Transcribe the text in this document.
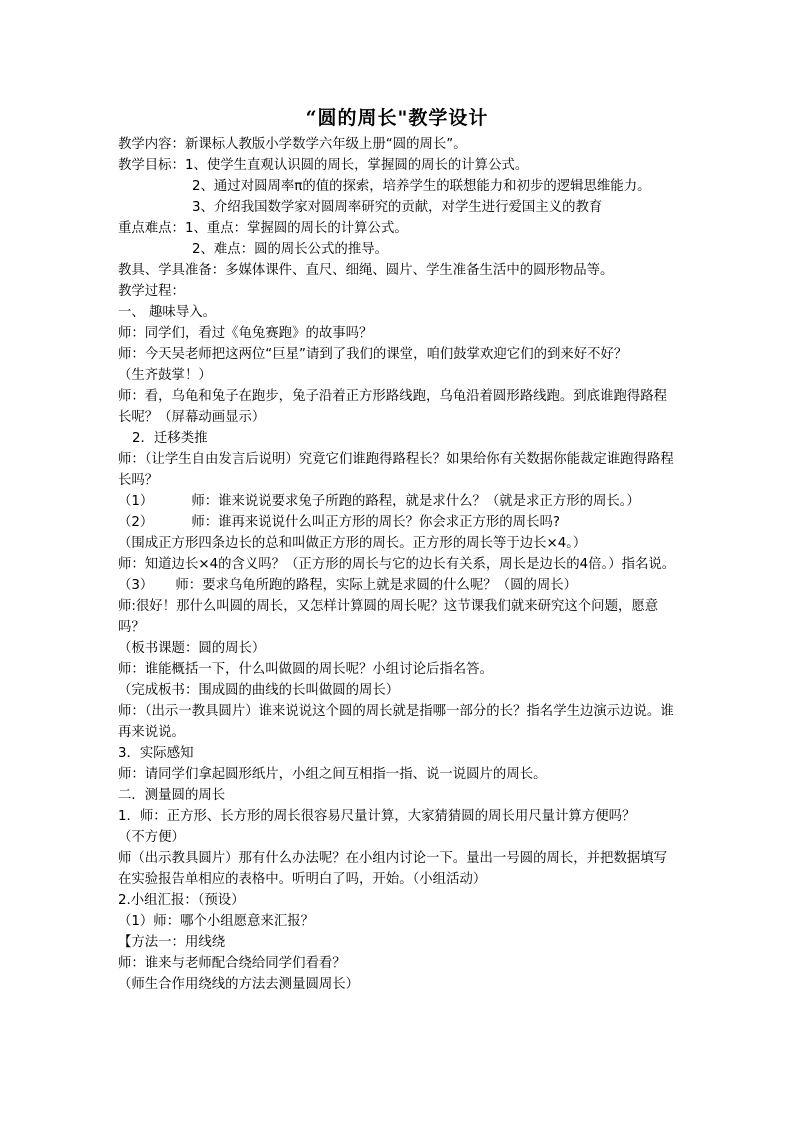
“圆的周长"教学设计
教学内容：新课标人教版小学数学六年级上册“圆的周长”。
教学目标：1、使学生直观认识圆的周长，掌握圆的周长的计算公式。
2、通过对圆周率π的值的探索，培养学生的联想能力和初步的逻辑思维能力。
3、介绍我国数学家对圆周率研究的贡献，对学生进行爱国主义的教育
重点难点：1、重点：掌握圆的周长的计算公式。
2、难点：圆的周长公式的推导。
教具、学具准备：多媒体课件、直尺、细绳、圆片、学生准备生活中的圆形物品等。
教学过程：
一、 趣味导入。
师：同学们，看过《龟兔赛跑》的故事吗？
师：今天吴老师把这两位“巨星”请到了我们的课堂，咱们鼓掌欢迎它们的到来好不好？
（生齐鼓掌！）
师：看，乌龟和兔子在跑步，兔子沿着正方形路线跑，乌龟沿着圆形路线跑。到底谁跑得路程长呢？（屏幕动画显示）
2．迁移类推
师：（让学生自由发言后说明）究竟它们谁跑得路程长？如果给你有关数据你能裁定谁跑得路程长吗？
（1）	师：谁来说说要求兔子所跑的路程，就是求什么？（就是求正方形的周长。）
（2）	师：谁再来说说什么叫正方形的周长？你会求正方形的周长吗?
（围成正方形四条边长的总和叫做正方形的周长。正方形的周长等于边长×4。）
师：知道边长×4的含义吗？（正方形的周长与它的边长有关系，周长是边长的4倍。）指名说。
（3） 师：要求乌龟所跑的路程，实际上就是求圆的什么呢？（圆的周长）
师:很好！那什么叫圆的周长，又怎样计算圆的周长呢？这节课我们就来研究这个问题，愿意吗？
（板书课题：圆的周长）
师：谁能概括一下，什么叫做圆的周长呢？小组讨论后指名答。
（完成板书：围成圆的曲线的长叫做圆的周长）
师：（出示一教具圆片）谁来说说这个圆的周长就是指哪一部分的长？指名学生边演示边说。谁再来说说。
3．实际感知
师：请同学们拿起圆形纸片，小组之间互相指一指、说一说圆片的周长。
二．测量圆的周长
1．师：正方形、长方形的周长很容易尺量计算，大家猜猜圆的周长用尺量计算方便吗？
（不方便）
师（出示教具圆片）那有什么办法呢？在小组内讨论一下。量出一号圆的周长，并把数据填写在实验报告单相应的表格中。听明白了吗，开始。（小组活动）
2.小组汇报：（预设）
（1）师：哪个小组愿意来汇报？
【方法一：用线绕
师：谁来与老师配合绕给同学们看看？
（师生合作用绕线的方法去测量圆周长）
